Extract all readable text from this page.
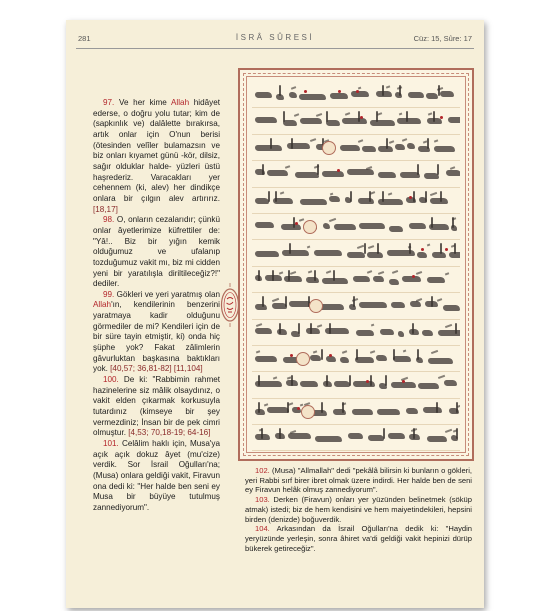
281	İSRÂ SÛRESİ	Cüz: 15, Sûre: 17

97. Ve her kime Allah hidâyet ederse, o doğru yolu tutar; kim de (sapkınlık ve) dalâlette bırakırsa, artık onlar için O'nun berisi (ötesinden velîler bulamazsın ve biz onları kıyamet günü -kör, dilsiz, sağır olduklar halde- yüzleri üstü haşrederiz. Varacakları yer cehennem (ki, alev) her dindikçe onlara bir çılgın alev artırırız. [18,17]

98. O, onların cezalarıdır; çünkü onlar âyetlerimize küfrettiler de: "Yâ!.. Biz bir yığın kemik olduğumuz ve ufalanıp tozduğumuz vakit mı, biz mi cidden yeni bir yaratılışla diriltileceğiz?!" dediler.

99. Gökleri ve yeri yaratmış olan Allah'ın, kendilerinin benzerini yaratmaya kadir olduğunu görmediler de mi? Kendileri için de bir süre tayin etmiştir, ki) onda hiç şüphe yok? Fakat zâlimlerin gâvurluktan başkasına baktıkları yok. [40,57; 36,81-82] [11,104]

100. De ki: "Rabbimin rahmet hazinelerine siz mâlik olsaydınız, o vakit elden çıkarmak korkusuyla tutardınız (kimseye bir şey vermezdiniz; İnsan bir de pek cimri olmuştur. [4,53; 70,18-19; 64-16]

101. Celâlim haklı için, Musa'ya açık açık dokuz âyet (mu'cize) verdik. Sor İsrail Oğulları'na; (Musa) onlara geldiği vakit, Firavun ona dedi ki: "Her halde ben seni ey Musa bir büyüye tutulmuş zannediyorum".

102. (Musa) "Allmallah" dedi "pekâlâ bilirsin ki bunların o gökleri, yeri Rabbi sırf birer ibret olmak üzere indirdi. Her halde ben de seni ey Firavun helâk olmuş zannediyorum".

103. Derken (Firavun) onları yer yüzünden belinetmek (söküp atmak) istedi; biz de hem kendisini ve hem maiyetindekileri, hepsini birden (denizde) boğuverdik.

104. Arkasından da İsrail Oğulları'na dedik ki: "Haydin yeryüzünde yerleşin, sonra âhiret va'di geldiği vakit hepinizi dürüp bükerek getireceğiz".
